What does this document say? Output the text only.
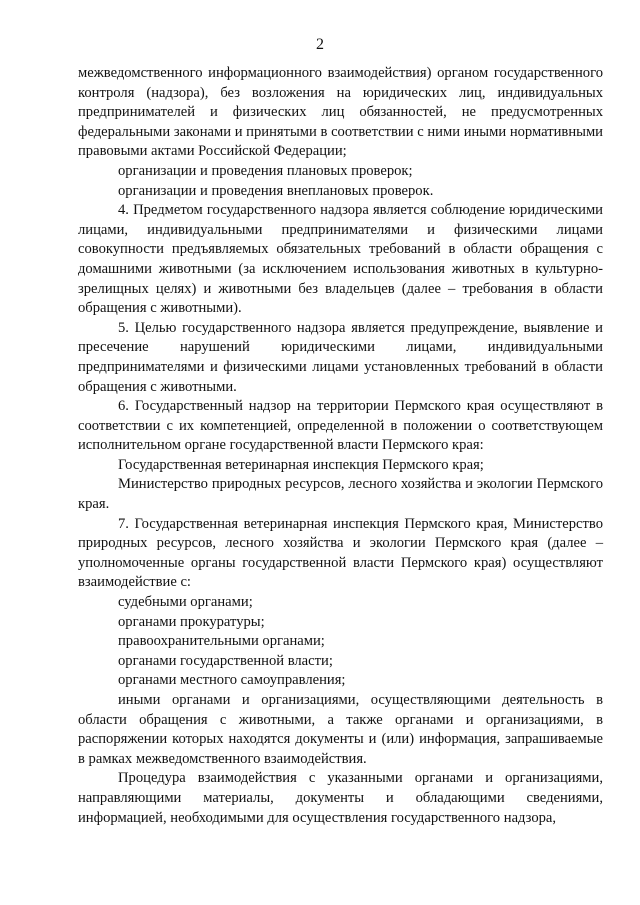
2

межведомственного информационного взаимодействия) органом государственного контроля (надзора), без возложения на юридических лиц, индивидуальных предпринимателей и физических лиц обязанностей, не предусмотренных федеральными законами и принятыми в соответствии с ними иными нормативными правовыми актами Российской Федерации;

организации и проведения плановых проверок;

организации и проведения внеплановых проверок.

4. Предметом государственного надзора является соблюдение юридическими лицами, индивидуальными предпринимателями и физическими лицами совокупности предъявляемых обязательных требований в области обращения с домашними животными (за исключением использования животных в культурно-зрелищных целях) и животными без владельцев (далее – требования в области обращения с животными).

5. Целью государственного надзора является предупреждение, выявление и пресечение нарушений юридическими лицами, индивидуальными предпринимателями и физическими лицами установленных требований в области обращения с животными.

6. Государственный надзор на территории Пермского края осуществляют в соответствии с их компетенцией, определенной в положении о соответствующем исполнительном органе государственной власти Пермского края:

Государственная ветеринарная инспекция Пермского края;

Министерство природных ресурсов, лесного хозяйства и экологии Пермского края.

7. Государственная ветеринарная инспекция Пермского края, Министерство природных ресурсов, лесного хозяйства и экологии Пермского края (далее – уполномоченные органы государственной власти Пермского края) осуществляют взаимодействие с:

судебными органами;

органами прокуратуры;

правоохранительными органами;

органами государственной власти;

органами местного самоуправления;

иными органами и организациями, осуществляющими деятельность в области обращения с животными, а также органами и организациями, в распоряжении которых находятся документы и (или) информация, запрашиваемые в рамках межведомственного взаимодействия.

Процедура взаимодействия с указанными органами и организациями, направляющими материалы, документы и обладающими сведениями, информацией, необходимыми для осуществления государственного надзора,
